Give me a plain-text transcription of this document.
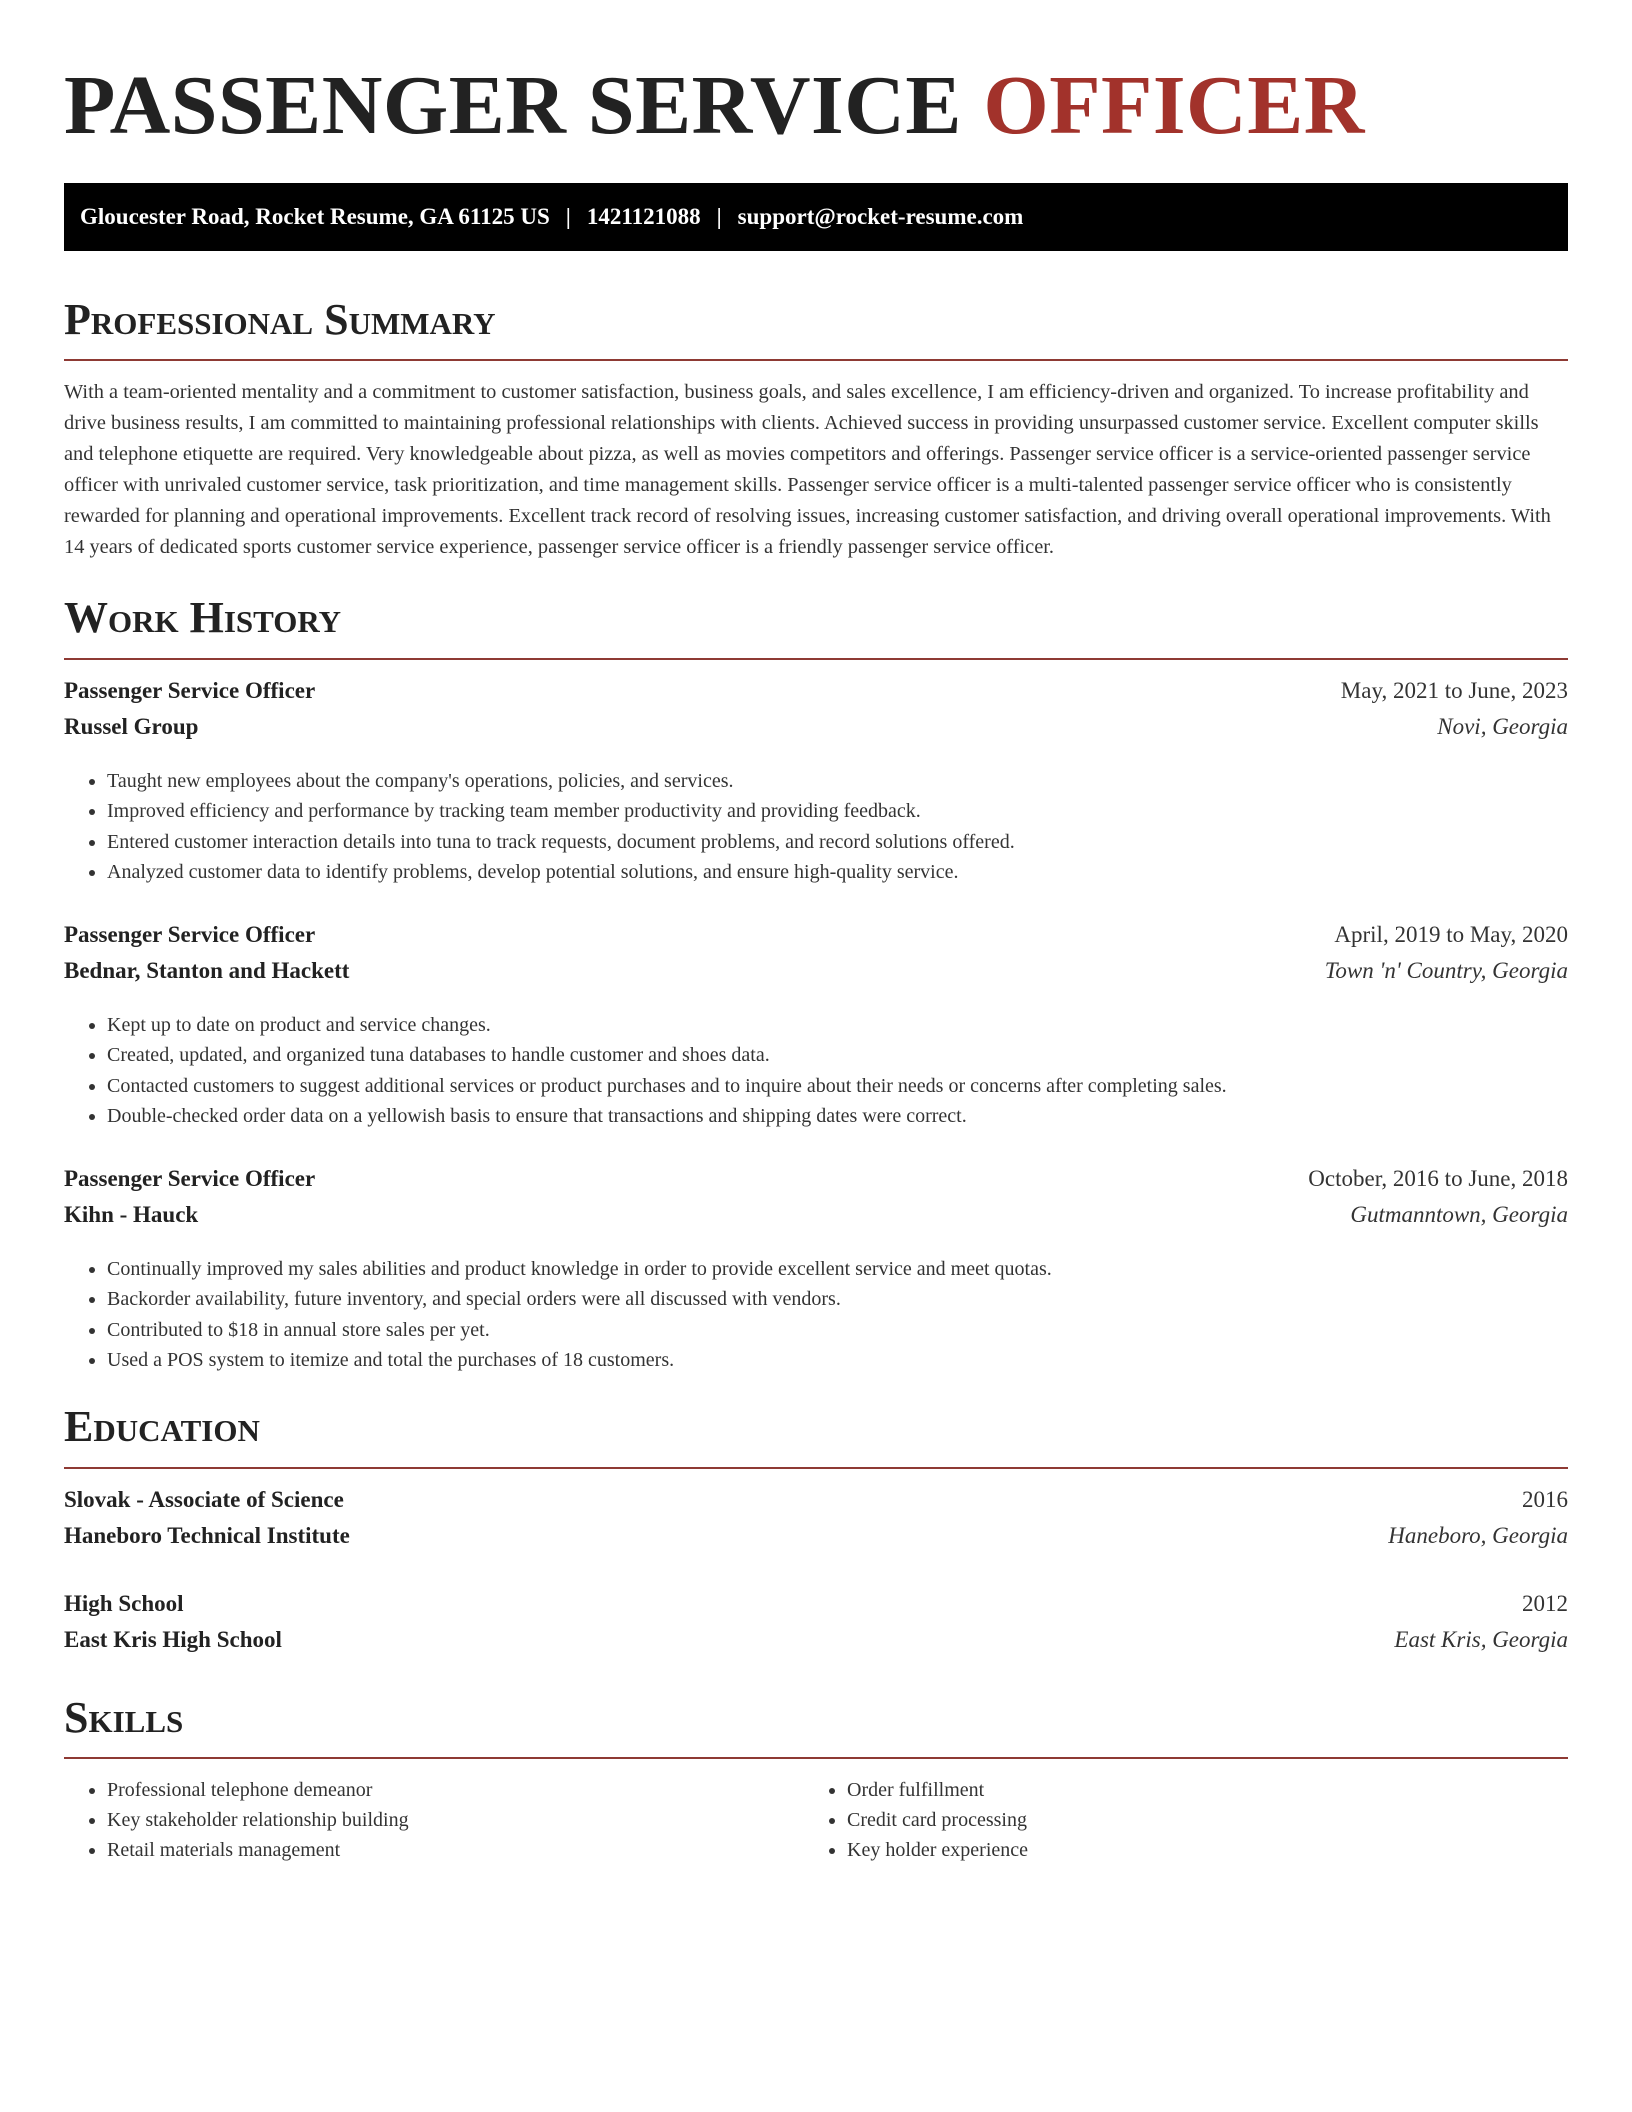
PASSENGER SERVICE OFFICER
Gloucester Road, Rocket Resume, GA 61125 US | 1421121088 | support@rocket-resume.com
Professional Summary

With a team-oriented mentality and a commitment to customer satisfaction, business goals, and sales excellence, I am efficiency-driven and organized. To increase profitability and drive business results, I am committed to maintaining professional relationships with clients. Achieved success in providing unsurpassed customer service. Excellent computer skills and telephone etiquette are required. Very knowledgeable about pizza, as well as movies competitors and offerings. Passenger service officer is a service-oriented passenger service officer with unrivaled customer service, task prioritization, and time management skills. Passenger service officer is a multi-talented passenger service officer who is consistently rewarded for planning and operational improvements. Excellent track record of resolving issues, increasing customer satisfaction, and driving overall operational improvements. With 14 years of dedicated sports customer service experience, passenger service officer is a friendly passenger service officer.

Work History
Passenger Service Officer	May, 2021 to June, 2023
Russel Group	Novi, Georgia
• Taught new employees about the company's operations, policies, and services.
• Improved efficiency and performance by tracking team member productivity and providing feedback.
• Entered customer interaction details into tuna to track requests, document problems, and record solutions offered.
• Analyzed customer data to identify problems, develop potential solutions, and ensure high-quality service.
Passenger Service Officer	April, 2019 to May, 2020
Bednar, Stanton and Hackett	Town 'n' Country, Georgia
• Kept up to date on product and service changes.
• Created, updated, and organized tuna databases to handle customer and shoes data.
• Contacted customers to suggest additional services or product purchases and to inquire about their needs or concerns after completing sales.
• Double-checked order data on a yellowish basis to ensure that transactions and shipping dates were correct.
Passenger Service Officer	October, 2016 to June, 2018
Kihn - Hauck	Gutmanntown, Georgia
• Continually improved my sales abilities and product knowledge in order to provide excellent service and meet quotas.
• Backorder availability, future inventory, and special orders were all discussed with vendors.
• Contributed to $18 in annual store sales per yet.
• Used a POS system to itemize and total the purchases of 18 customers.
Education
Slovak - Associate of Science	2016
Haneboro Technical Institute	Haneboro, Georgia
High School	2012
East Kris High School	East Kris, Georgia
Skills
• Professional telephone demeanor
• Key stakeholder relationship building
• Retail materials management
• Order fulfillment
• Credit card processing
• Key holder experience
